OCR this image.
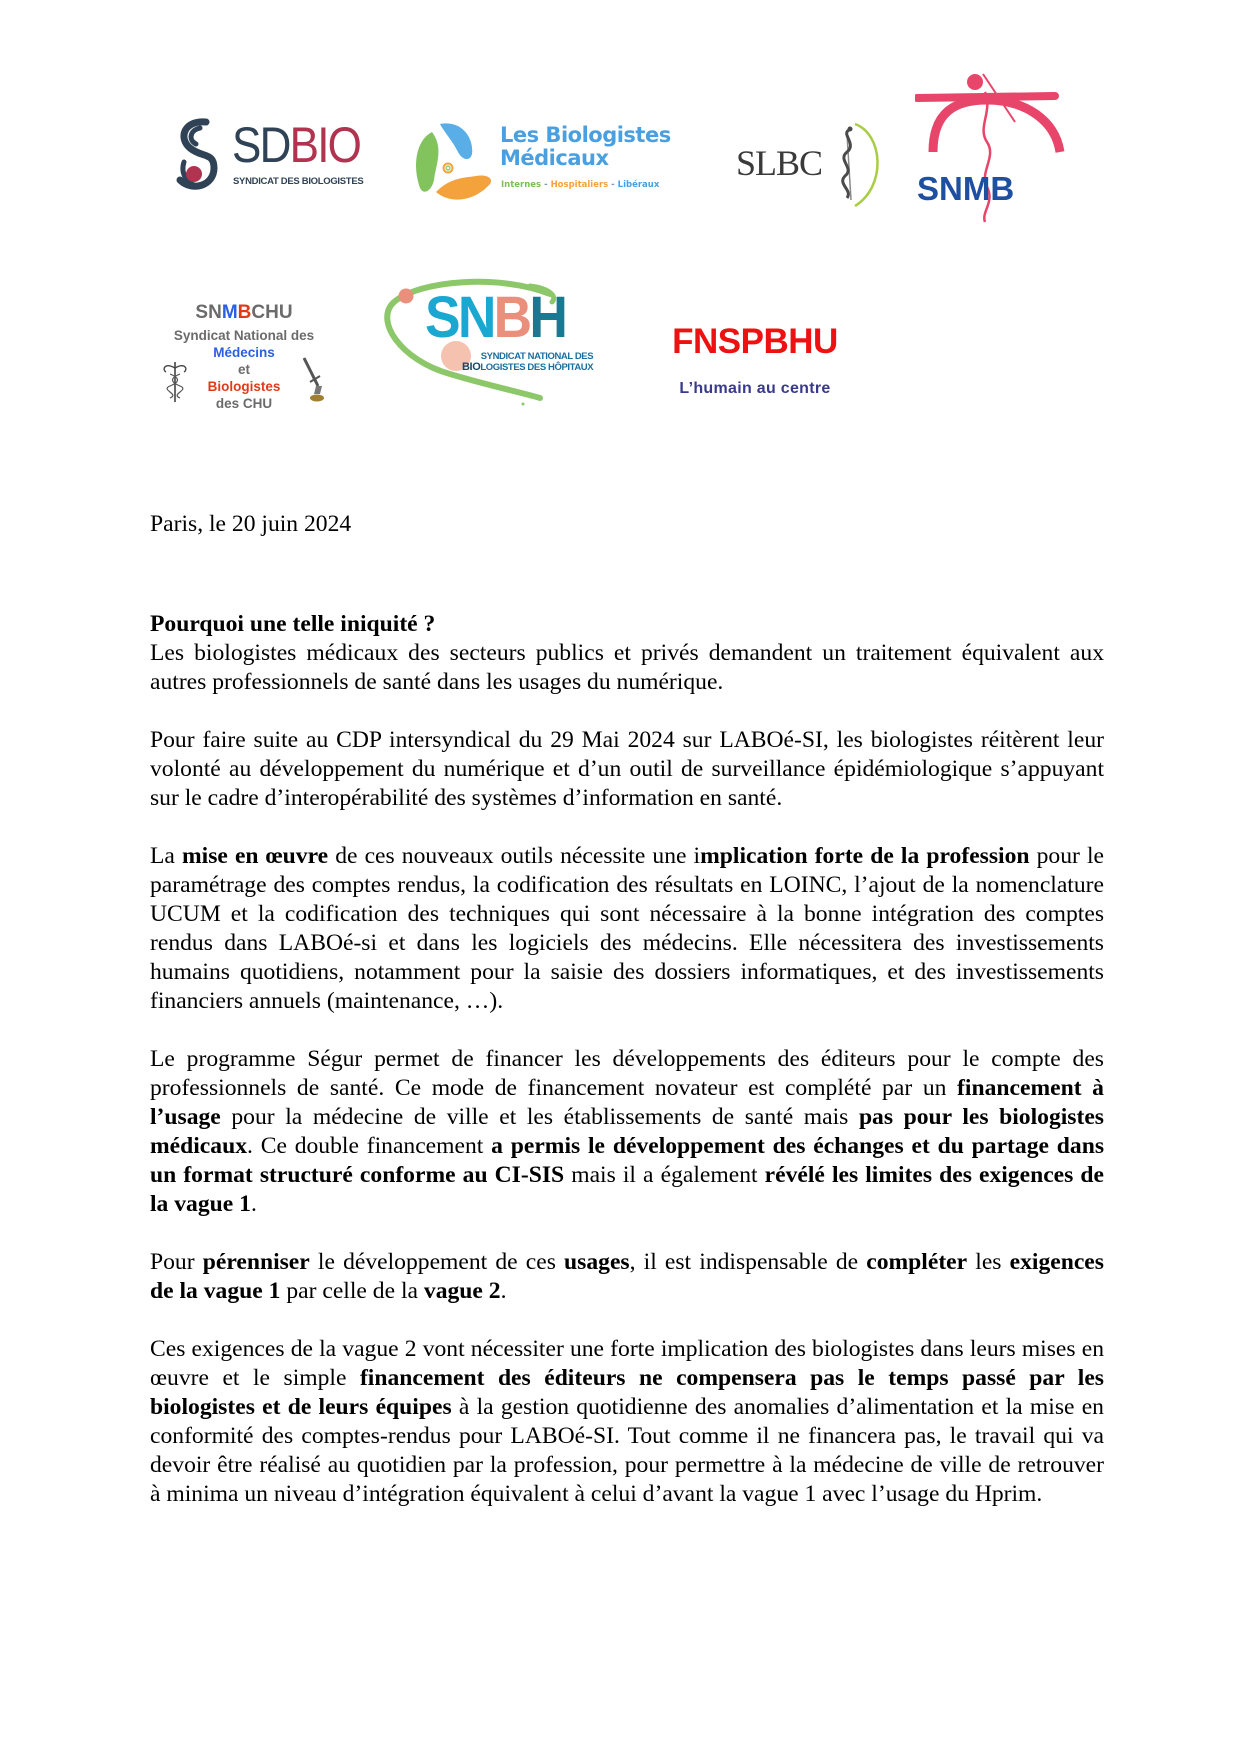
SDBIO
SYNDICAT DES BIOLOGISTES
Les Biologistes
Médicaux
Internes - Hospitaliers - Libéraux
SLBC
SNMB
SNMBCHU
Syndicat National des
Médecins
et
Biologistes
des CHU
SNBH
SYNDICAT NATIONAL DES
BIOLOGISTES DES HÔPITAUX
FNSPBHU
L’humain au centre

Paris, le 20 juin 2024

Pourquoi une telle iniquité ?

Les biologistes médicaux des secteurs publics et privés demandent un traitement équivalent aux autres professionnels de santé dans les usages du numérique.

Pour faire suite au CDP intersyndical du 29 Mai 2024 sur LABOé-SI, les biologistes réitèrent leur volonté au développement du numérique et d’un outil de surveillance épidémiologique s’appuyant sur le cadre d’interopérabilité des systèmes d’information en santé.

La mise en œuvre de ces nouveaux outils nécessite une implication forte de la profession pour le paramétrage des comptes rendus, la codification des résultats en LOINC, l’ajout de la nomenclature UCUM et la codification des techniques qui sont nécessaire à la bonne intégration des comptes rendus dans LABOé-si et dans les logiciels des médecins. Elle nécessitera des investissements humains quotidiens, notamment pour la saisie des dossiers informatiques, et des investissements financiers annuels (maintenance, …).

Le programme Ségur permet de financer les développements des éditeurs pour le compte des professionnels de santé. Ce mode de financement novateur est complété par un financement à l’usage pour la médecine de ville et les établissements de santé mais pas pour les biologistes médicaux. Ce double financement a permis le développement des échanges et du partage dans un format structuré conforme au CI-SIS mais il a également révélé les limites des exigences de la vague 1.

Pour pérenniser le développement de ces usages, il est indispensable de compléter les exigences de la vague 1 par celle de la vague 2.

Ces exigences de la vague 2 vont nécessiter une forte implication des biologistes dans leurs mises en œuvre et le simple financement des éditeurs ne compensera pas le temps passé par les biologistes et de leurs équipes à la gestion quotidienne des anomalies d’alimentation et la mise en conformité des comptes-rendus pour LABOé-SI. Tout comme il ne financera pas, le travail qui va devoir être réalisé au quotidien par la profession, pour permettre à la médecine de ville de retrouver à minima un niveau d’intégration équivalent à celui d’avant la vague 1 avec l’usage du Hprim.
